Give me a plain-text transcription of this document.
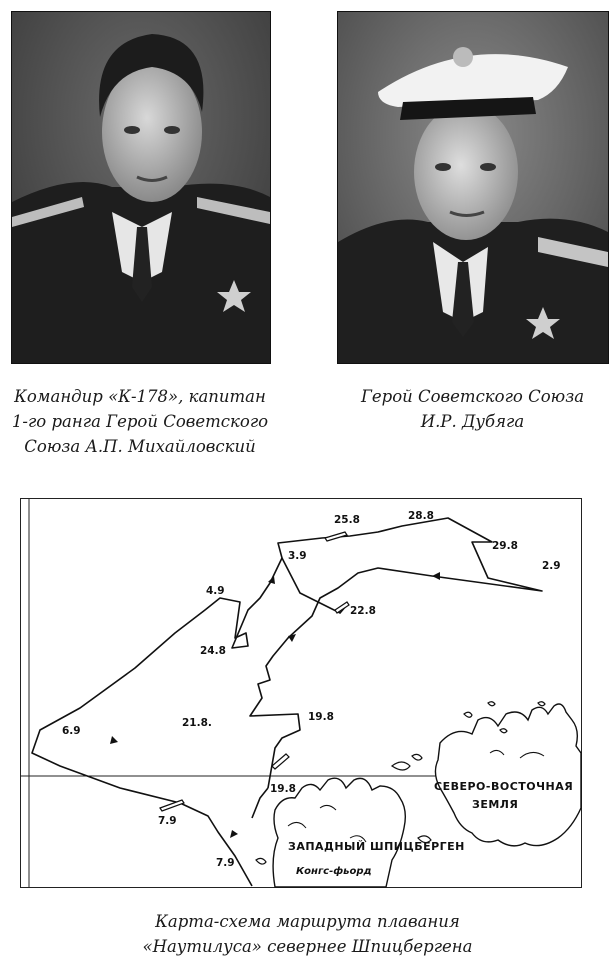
Командир «К-178», капитан
1-го ранга Герой Советского
Союза А.П. Михайловский
Герой Советского Союза
И.Р. Дубяга
25.8	28.8
29.8
2.9
3.9
4.9
22.8
24.8
21.8.	19.8
6.9
19.8
7.9
7.9
СЕВЕРО-ВОСТОЧНАЯ
ЗЕМЛЯ
ЗАПАДНЫЙ ШПИЦБЕРГЕН
Конгс-фьорд
Карта-схема маршрута плавания
«Наутилуса» севернее Шпицбергена
